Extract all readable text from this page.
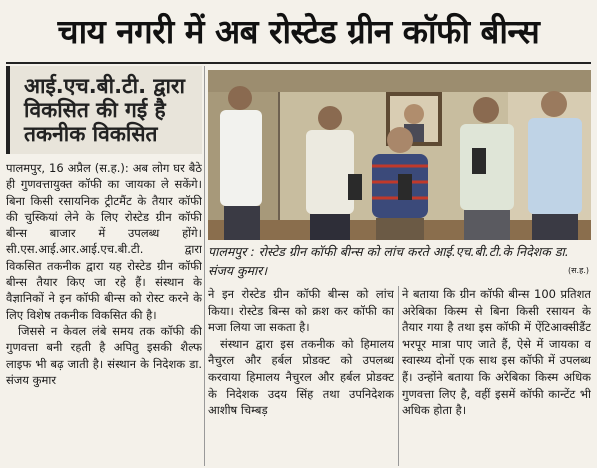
चाय नगरी में अब रोस्टेड ग्रीन कॉफी बीन्स
आई.एच.बी.टी. द्वारा
विकसित की गई है
तकनीक विकसित

पालमपुर, 16 अप्रैल (स.ह.): अब लोग घर बैठे ही गुणवत्तायुक्त कॉफी का जायका ले सकेंगे। बिना किसी रसायनिक ट्रीटमैंट के तैयार कॉफी की चुस्कियां लेने के लिए रोस्टेड ग्रीन कॉफी बीन्स बाजार में उपलब्ध होंगे। सी.एस.आई.आर.आई.एच.बी.टी. द्वारा विकसित तकनीक द्वारा यह रोस्टेड ग्रीन कॉफी बीन्स तैयार किए जा रहे हैं। संस्थान के वैज्ञानिकों ने इन कॉफी बीन्स को रोस्ट करने के लिए विशेष तकनीक विकसित की है।

जिससे न केवल लंबे समय तक कॉफी की गुणवत्ता बनी रहती है अपितु इसकी शैल्फ लाइफ भी बढ़ जाती है। संस्थान के निदेशक डा. संजय कुमार

पालमपुर : रोस्टेड ग्रीन कॉफी बीन्स को लांच करते आई.एच.बी.टी.के निदेशक डा. संजय कुमार।	(स.ह.)

ने इन रोस्टेड ग्रीन कॉफी बीन्स को लांच किया। रोस्टेड बिन्स को क्रश कर कॉफी का मजा लिया जा सकता है।

संस्थान द्वारा इस तकनीक को हिमालय नैचुरल और हर्बल प्रोडक्ट को उपलब्ध करवाया हिमालय नैचुरल और हर्बल प्रोडक्ट के निदेशक उदय सिंह तथा उपनिदेशक आशीष चिम्बड़

ने बताया कि ग्रीन कॉफी बीन्स 100 प्रतिशत अरेबिका किस्म से बिना किसी रसायन के तैयार गया है तथा इस कॉफी में ऐंटिआक्सीडैंट भरपूर मात्रा पाए जाते हैं, ऐसे में जायका व स्वास्थ्य दोनों एक साथ इस कॉफी में उपलब्ध हैं। उन्होंने बताया कि अरेबिका किस्म अधिक गुणवत्ता लिए है, वहीं इसमें कॉफी कान्टेंट भी अधिक होता है।
